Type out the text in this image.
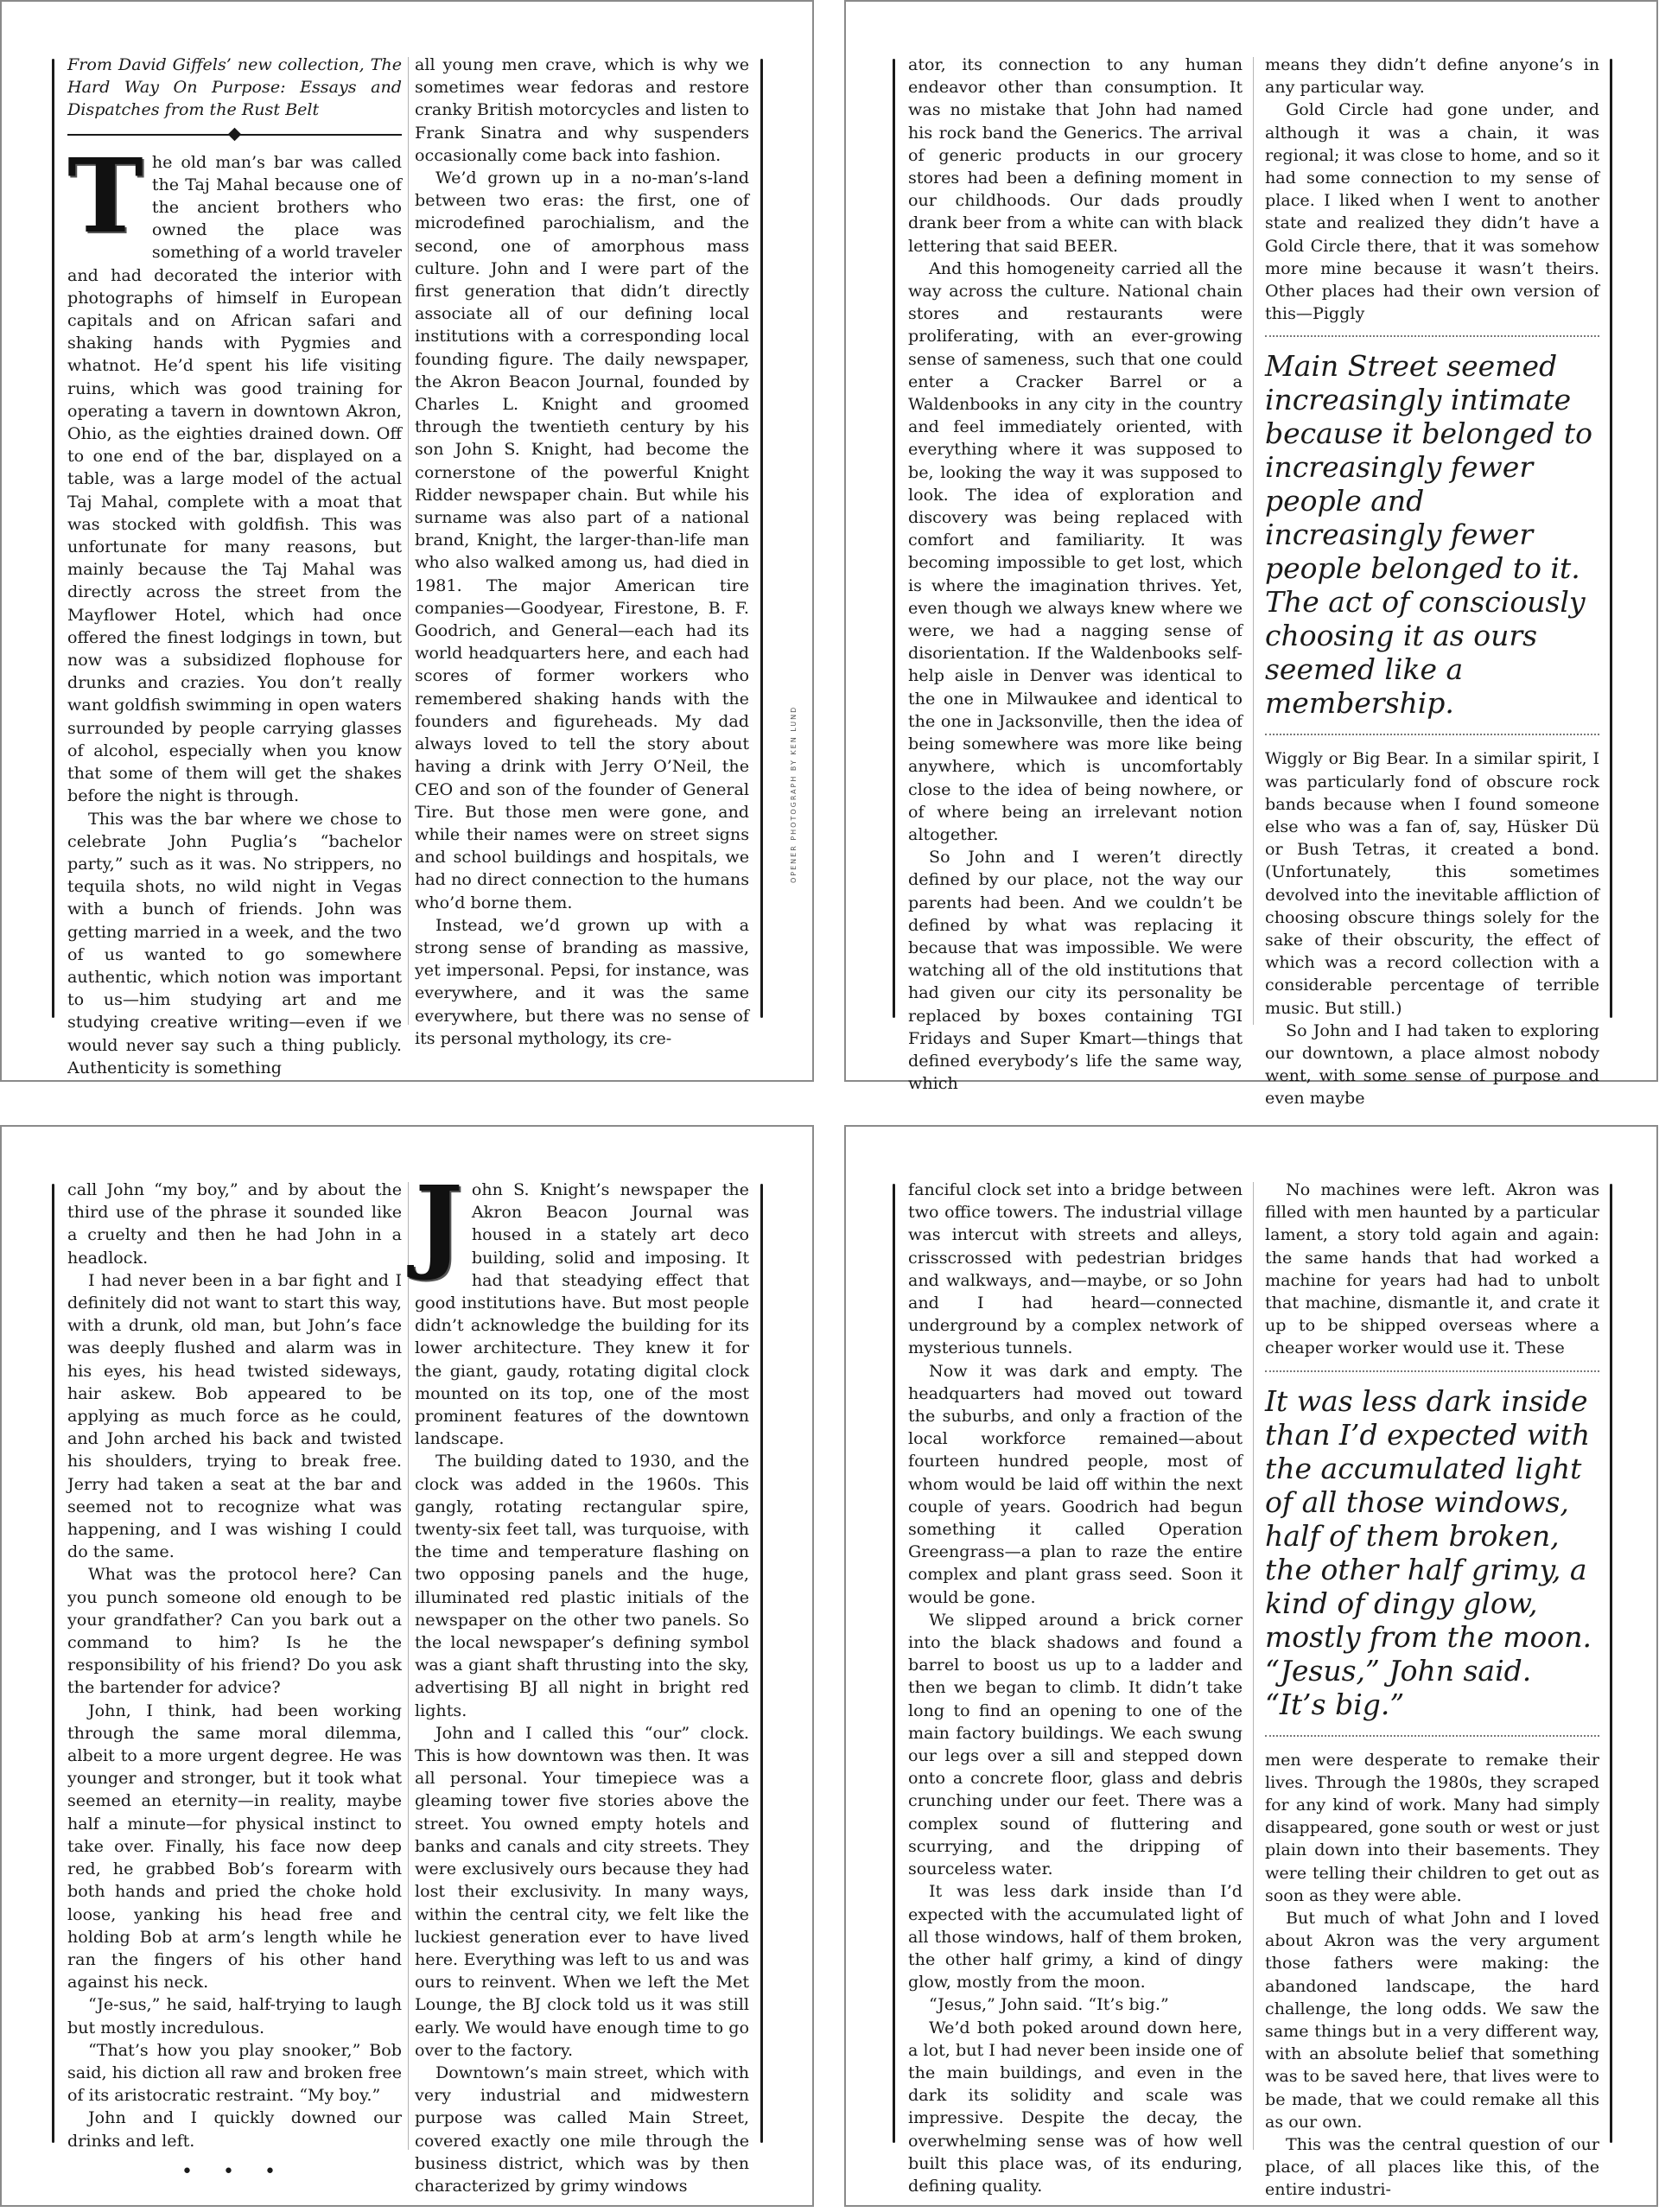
From David Giffels’ new collection, The Hard Way On Purpose: Essays and Dispatches from the Rust Belt

The old man’s bar was called the Taj Mahal because one of the ancient brothers who owned the place was something of a world traveler and had decorated the interior with photographs of himself in European capitals and on African safari and shaking hands with Pygmies and whatnot. He’d spent his life visiting ruins, which was good training for operating a tavern in downtown Akron, Ohio, as the eighties drained down. Off to one end of the bar, displayed on a table, was a large model of the actual Taj Mahal, complete with a moat that was stocked with goldfish. This was unfortunate for many reasons, but mainly because the Taj Mahal was directly across the street from the Mayflower Hotel, which had once offered the finest lodgings in town, but now was a subsidized flophouse for drunks and crazies. You don’t really want goldfish swimming in open waters surrounded by people carrying glasses of alcohol, especially when you know that some of them will get the shakes before the night is through.

This was the bar where we chose to celebrate John Puglia’s “bachelor party,” such as it was. No strippers, no tequila shots, no wild night in Vegas with a bunch of friends. John was getting married in a week, and the two of us wanted to go somewhere authentic, which notion was important to us—him studying art and me studying creative writing—even if we would never say such a thing publicly. Authenticity is something

all young men crave, which is why we sometimes wear fedoras and restore cranky British motorcycles and listen to Frank Sinatra and why suspenders occasionally come back into fashion.

We’d grown up in a no-man’s-land between two eras: the first, one of microdefined parochialism, and the second, one of amorphous mass culture. John and I were part of the first generation that didn’t directly associate all of our defining local institutions with a corresponding local founding figure. The daily newspaper, the Akron Beacon Journal, founded by Charles L. Knight and groomed through the twentieth century by his son John S. Knight, had become the cornerstone of the powerful Knight Ridder newspaper chain. But while his surname was also part of a national brand, Knight, the larger-than-life man who also walked among us, had died in 1981. The major American tire companies—Goodyear, Firestone, B. F. Goodrich, and General—each had its world headquarters here, and each had scores of former workers who remembered shaking hands with the founders and figureheads. My dad always loved to tell the story about having a drink with Jerry O’Neil, the CEO and son of the founder of General Tire. But those men were gone, and while their names were on street signs and school buildings and hospitals, we had no direct connection to the humans who’d borne them.

Instead, we’d grown up with a strong sense of branding as massive, yet impersonal. Pepsi, for instance, was everywhere, and it was the same everywhere, but there was no sense of its personal mythology, its cre-

OPENER PHOTOGRAPH BY KEN LUND

ator, its connection to any human endeavor other than consumption. It was no mistake that John had named his rock band the Generics. The arrival of generic products in our grocery stores had been a defining moment in our childhoods. Our dads proudly drank beer from a white can with black lettering that said BEER.

And this homogeneity carried all the way across the culture. National chain stores and restaurants were proliferating, with an ever-growing sense of sameness, such that one could enter a Cracker Barrel or a Waldenbooks in any city in the country and feel immediately oriented, with everything where it was supposed to be, looking the way it was supposed to look. The idea of exploration and discovery was being replaced with comfort and familiarity. It was becoming impossible to get lost, which is where the imagination thrives. Yet, even though we always knew where we were, we had a nagging sense of disorientation. If the Waldenbooks self-help aisle in Denver was identical to the one in Milwaukee and identical to the one in Jacksonville, then the idea of being somewhere was more like being anywhere, which is uncomfortably close to the idea of being nowhere, or of where being an irrelevant notion altogether.

So John and I weren’t directly defined by our place, not the way our parents had been. And we couldn’t be defined by what was replacing it because that was impossible. We were watching all of the old institutions that had given our city its personality be replaced by boxes containing TGI Fridays and Super Kmart—things that defined everybody’s life the same way, which

means they didn’t define anyone’s in any particular way.

Gold Circle had gone under, and although it was a chain, it was regional; it was close to home, and so it had some connection to my sense of place. I liked when I went to another state and realized they didn’t have a Gold Circle there, that it was somehow more mine because it wasn’t theirs. Other places had their own version of this—Piggly

Main Street seemed increasingly intimate because it belonged to increasingly fewer people and increasingly fewer people belonged to it. The act of consciously choosing it as ours seemed like a membership.

Wiggly or Big Bear. In a similar spirit, I was particularly fond of obscure rock bands because when I found someone else who was a fan of, say, Hüsker Dü or Bush Tetras, it created a bond. (Unfortunately, this sometimes devolved into the inevitable affliction of choosing obscure things solely for the sake of their obscurity, the effect of which was a record collection with a considerable percentage of terrible music. But still.)

So John and I had taken to exploring our downtown, a place almost nobody went, with some sense of purpose and even maybe

call John “my boy,” and by about the third use of the phrase it sounded like a cruelty and then he had John in a headlock.

I had never been in a bar fight and I definitely did not want to start this way, with a drunk, old man, but John’s face was deeply flushed and alarm was in his eyes, his head twisted sideways, hair askew. Bob appeared to be applying as much force as he could, and John arched his back and twisted his shoulders, trying to break free. Jerry had taken a seat at the bar and seemed not to recognize what was happening, and I was wishing I could do the same.

What was the protocol here? Can you punch someone old enough to be your grandfather? Can you bark out a command to him? Is he the responsibility of his friend? Do you ask the bartender for advice?

John, I think, had been working through the same moral dilemma, albeit to a more urgent degree. He was younger and stronger, but it took what seemed an eternity—in reality, maybe half a minute—for physical instinct to take over. Finally, his face now deep red, he grabbed Bob’s forearm with both hands and pried the choke hold loose, yanking his head free and holding Bob at arm’s length while he ran the fingers of his other hand against his neck.

“Je-sus,” he said, half-trying to laugh but mostly incredulous.

“That’s how you play snooker,” Bob said, his diction all raw and broken free of its aristocratic restraint. “My boy.”

John and I quickly downed our drinks and left.

• • •

John S. Knight’s newspaper the Akron Beacon Journal was housed in a stately art deco building, solid and imposing. It had that steadying effect that good institutions have. But most people didn’t acknowledge the building for its lower architecture. They knew it for the giant, gaudy, rotating digital clock mounted on its top, one of the most prominent features of the downtown landscape.

The building dated to 1930, and the clock was added in the 1960s. This gangly, rotating rectangular spire, twenty-six feet tall, was turquoise, with the time and temperature flashing on two opposing panels and the huge, illuminated red plastic initials of the newspaper on the other two panels. So the local newspaper’s defining symbol was a giant shaft thrusting into the sky, advertising BJ all night in bright red lights.

John and I called this “our” clock. This is how downtown was then. It was all personal. Your timepiece was a gleaming tower five stories above the street. You owned empty hotels and banks and canals and city streets. They were exclusively ours because they had lost their exclusivity. In many ways, within the central city, we felt like the luckiest generation ever to have lived here. Everything was left to us and was ours to reinvent. When we left the Met Lounge, the BJ clock told us it was still early. We would have enough time to go over to the factory.

Downtown’s main street, which with very industrial and midwestern purpose was called Main Street, covered exactly one mile through the business district, which was by then characterized by grimy windows

fanciful clock set into a bridge between two office towers. The industrial village was intercut with streets and alleys, crisscrossed with pedestrian bridges and walkways, and—maybe, or so John and I had heard—connected underground by a complex network of mysterious tunnels.

Now it was dark and empty. The headquarters had moved out toward the suburbs, and only a fraction of the local workforce remained—about fourteen hundred people, most of whom would be laid off within the next couple of years. Goodrich had begun something it called Operation Greengrass—a plan to raze the entire complex and plant grass seed. Soon it would be gone.

We slipped around a brick corner into the black shadows and found a barrel to boost us up to a ladder and then we began to climb. It didn’t take long to find an opening to one of the main factory buildings. We each swung our legs over a sill and stepped down onto a concrete floor, glass and debris crunching under our feet. There was a complex sound of fluttering and scurrying, and the dripping of sourceless water.

It was less dark inside than I’d expected with the accumulated light of all those windows, half of them broken, the other half grimy, a kind of dingy glow, mostly from the moon.

“Jesus,” John said. “It’s big.”

We’d both poked around down here, a lot, but I had never been inside one of the main buildings, and even in the dark its solidity and scale was impressive. Despite the decay, the overwhelming sense was of how well built this place was, of its enduring, defining quality.

No machines were left. Akron was filled with men haunted by a particular lament, a story told again and again: the same hands that had worked a machine for years had had to unbolt that machine, dismantle it, and crate it up to be shipped overseas where a cheaper worker would use it. These

It was less dark inside than I’d expected with the accumulated light of all those windows, half of them broken, the other half grimy, a kind of dingy glow, mostly from the moon. “Jesus,” John said. “It’s big.”

men were desperate to remake their lives. Through the 1980s, they scraped for any kind of work. Many had simply disappeared, gone south or west or just plain down into their basements. They were telling their children to get out as soon as they were able.

But much of what John and I loved about Akron was the very argument those fathers were making: the abandoned landscape, the hard challenge, the long odds. We saw the same things but in a very different way, with an absolute belief that something was to be saved here, that lives were to be made, that we could remake all this as our own.

This was the central question of our place, of all places like this, of the entire industri-
